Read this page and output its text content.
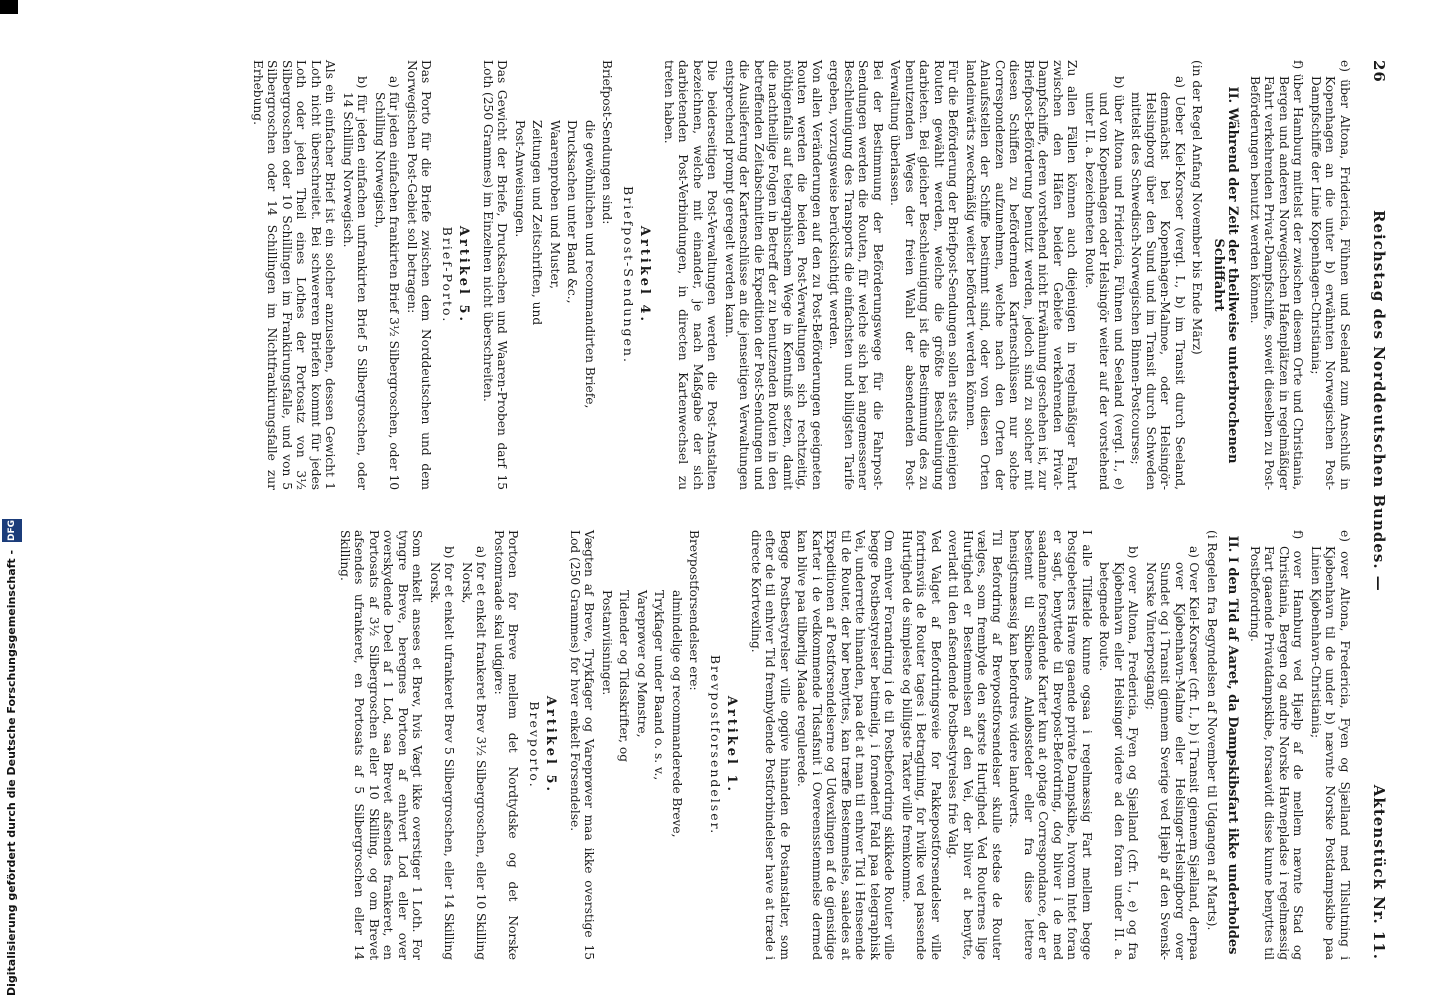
Digitalisierung gefördert durch die Deutsche Forschungsgemeinschaft - DFG
26
Reichstag des Norddeutschen Bundes. —
Aktenstück Nr. 11.

e) über Altona, Fridericia, Fühnen und Seeland zum Anschluß in Kopenhagen an die unter b) erwähnten Norwegischen Post-Dampfschiffe der Linie Kopenhagen-Christiania;

f) über Hamburg mittelst der zwischen diesem Orte und Christiania, Bergen und anderen Norwegischen Hafenplätzen in regelmäßiger Fahrt verkehrenden Privat-Dampfschiffe, soweit dieselben zu Post-Beförderungen benutzt werden können.

II. Während der Zeit der theilweise unterbrochenen Schiffahrt

(in der Regel Anfang November bis Ende März)

a) Ueber Kiel-Korsoer (vergl. I., b) im Transit durch Seeland, demnächst bei Kopenhagen-Malmoe, oder Helsingör-Helsingborg über den Sund und im Transit durch Schweden mittelst des Schwedisch-Norwegischen Binnen-Postcourses;

b) über Altona und Fridericia, Fühnen und Seeland (vergl. I., e) und von Kopenhagen oder Helsingör weiter auf der vorstehend unter II. a. bezeichneten Route.

Zu allen Fällen können auch diejenigen in regelmäßiger Fahrt zwischen den Häfen beider Gebiete verkehrenden Privat-Dampfschiffe, deren vorstehend nicht Erwähnung geschehen ist, zur Briefpost-Beförderung benutzt werden, jedoch sind zu solcher mit diesen Schiffen zu befördernden Kartenschlüssen nur solche Correspondenzen aufzunehmen, welche nach den Orten der Anlaufsstellen der Schiffe bestimmt sind, oder von diesen Orten landeinwärts zweckmäßig weiter befördert werden können.

Für die Beförderung der Briefpost-Sendungen sollen stets diejenigen Routen gewählt werden, welche die größte Beschleunigung darbieten. Bei gleicher Beschleunigung ist die Bestimmung des zu benutzenden Weges der freien Wahl der absendenden Post-Verwaltung überlassen.

Bei der Bestimmung der Beförderungswege für die Fahrpost-Sendungen werden die Routen, für welche sich bei angemessener Beschleunigung des Transports die einfachsten und billigsten Tarife ergeben, vorzugsweise berücksichtigt werden.

Von allen Veränderungen auf den zu Post-Beförderungen geeigneten Routen werden die beiden Post-Verwaltungen sich rechtzeitig, nöthigenfalls auf telegraphischem Wege in Kenntniß setzen, damit die nachtheilige Folgen in Betreff der zu benutzenden Routen in den betreffenden Zeitabschnitten die Expedition der Post-Sendungen und die Auslieferung der Kartenschlüsse an die jenseitigen Verwaltungen entsprechend prompt geregelt werden kann.

Die beiderseitigen Post-Verwaltungen werden die Post-Anstalten bezeichnen, welche mit einander, je nach Maßgabe der sich darbietenden Post-Verbindungen, in directen Kartenwechsel zu treten haben.

Artikel 4.
Briefpost-Sendungen.

Briefpost-Sendungen sind:

die gewöhnlichen und recommandirten Briefe,

Drucksachen unter Band &c.,

Waarenproben und Muster,

Zeitungen und Zeitschriften, und

Post-Anweisungen.

Das Gewicht der Briefe, Drucksachen und Waaren-Proben darf 15 Loth (250 Grammes) im Einzelnen nicht überschreiten.

Artikel 5.
Brief-Porto.

Das Porto für die Briefe zwischen dem Norddeutschen und dem Norwegischen Post-Gebiet soll betragen:

a) für jeden einfachen frankirten Brief 3½ Silbergroschen, oder 10 Schilling Norwegisch,

b) für jeden einfachen unfrankirten Brief 5 Silbergroschen, oder 14 Schilling Norwegisch.

Als ein einfacher Brief ist ein solcher anzusehen, dessen Gewicht 1 Loth nicht überschreitet. Bei schwereren Briefen kommt für jedes Loth oder jeden Theil eines Lothes der Portosatz von 3½ Silbergroschen oder 10 Schillingen im Frankirungsfalle, und von 5 Silbergroschen oder 14 Schillingen im Nichtfrankirungsfalle zur Erhebung.

e) over Altona, Fredericia, Fyen og Sjælland med Tilslutning i Kjøbenhavn til de under b) nævnte Norske Postdampskibe paa Linien Kjøbenhavn-Christiania;

f) over Hamburg ved Hjælp af de mellem nævnte Stad og Christiania, Bergen og andre Norske Havnepladse i regelmæssig Fart gaaende Privatdampskibe, forsaavidt disse kunne benyttes til Postbefordring.

II. I den Tid af Aaret, da Dampskibsfart ikke underholdes

(i Regelen fra Begyndelsen af November til Udgangen af Marts).

a) Over Kiel-Korsøer (cfr. I., b) i Transit gjennem Sjælland, derpaa over Kjøbenhavn-Malmø eller Helsingør-Helsingborg over Sundet og i Transit gjennem Sverige ved Hjælp af den Svensk-Norske Vinterpostgang;

b) over Altona, Fredericia, Fyen og Sjælland (cfr. I., e) og fra Kjøbenhavn eller Helsingør videre ad den foran under II. a. betegnede Route.

I alle Tilfælde kunne ogsaa i regelmæssig Fart mellem begge Postgebeters Havne gaaende private Dampskibe, hvorom Intet foran er sagt, benyttede til Brevpost-Befordring, dog bliver i de med saadanne forsendende Karter kun at optage Correspondance, der er bestemt til Skibenes Anløbssteder eller fra disse lettere hensigtsmæssig kan befordres videre landverts.

Til Befordring af Brevpostforsendelser skulle stedse de Router vælges, som frembyde den største Hurtighed. Ved Routernes lige Hurtighed er Bestemmelsen af den Vei, der bliver at benytte, overladt til den afsendende Postbestyrelses frie Valg.

Ved Valget af Befordringsveie for Pakkepostforsendelser ville fortrinsviis de Router tages i Betragtning, for hvilke ved passende Hurtighed de simpleste og billigste Taxter ville fremkomme.

Om enhver Forandring i de til Postbefordring skikkede Router ville begge Postbestyrelser betimelig, i fornødent Fald paa telegraphisk Vei, underrette hinanden, paa det at man til enhver Tid i Henseende til de Router, der bør benyttes, kan træffe Bestemmelse, saaledes at Expeditionen af Postforsendelserne og Udvexlingen af de gjensidige Karter i de vedkommende Tidsafsnit i Overeensstemmelse dermed kan blive paa tilbørlig Maade regulerede.

Begge Postbestyrelser ville opgive hinanden de Postanstalter, som efter de til enhver Tid frembydende Postforbindelser have at træde i directe Kortvexling.

Artikel 1.
Brevpostforsendelser.

Brevpostforsendelser ere:

almindelige og recommanderede Breve,

Trykfager under Baand o. s. v.,

Vareprøver og Mønstre,

Tidender og Tidsskrifter, og

Postanviisninger.

Vægten af Breve, Trykfager og Vareprøver maa ikke overstige 15 Lod (250 Grammes) for hver enkelt Forsendelse.

Artikel 5.
Brevporto.

Portoen for Breve mellem det Nordtydske og det Norske Postomraade skal udgjøre:

a) for et enkelt frankeret Brev 3½ Silbergroschen, eller 10 Skilling Norsk,

b) for et enkelt ufrankeret Brev 5 Silbergroschen, eller 14 Skilling Norsk.

Som enkelt ansees et Brev, hvis Vægt ikke overstiger 1 Loth. For tyngre Breve, beregnes Portoen af enhvert Lod eller over overskydende Deel af 1 Lod, saa Brevet afsendes frankeret, en Portosats af 3½ Silbergroschen eller 10 Skilling, og om Brevet afsendes ufrankeret, en Portosats af 5 Silbergroschen eller 14 Skilling.
